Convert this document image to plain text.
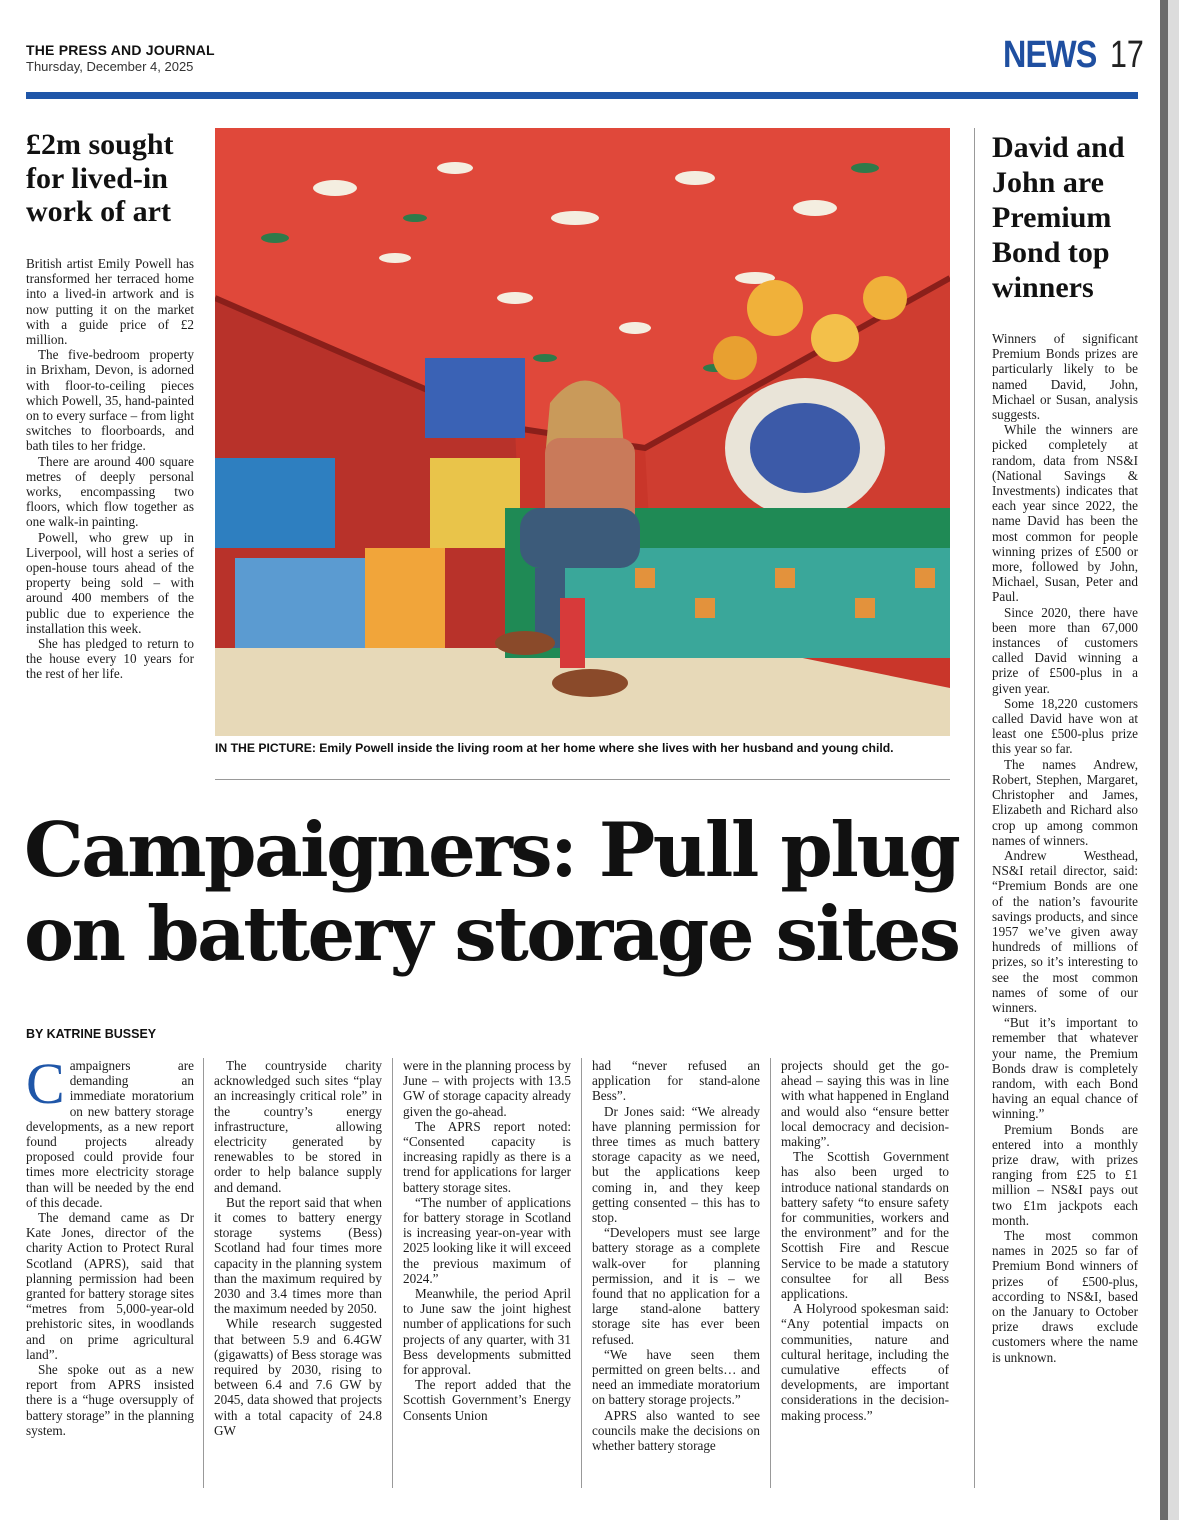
THE PRESS AND JOURNAL
Thursday, December 4, 2025	NEWS 17
£2m sought for lived-in work of art

British artist Emily Powell has transformed her terraced home into a lived-in artwork and is now putting it on the market with a guide price of £2 million.

The five-bedroom property in Brixham, Devon, is adorned with floor-to-ceiling pieces which Powell, 35, hand-painted on to every surface – from light switches to floorboards, and bath tiles to her fridge.

There are around 400 square metres of deeply personal works, encompassing two floors, which flow together as one walk-in painting.

Powell, who grew up in Liverpool, will host a series of open-house tours ahead of the property being sold – with around 400 members of the public due to experience the installation this week.

She has pledged to return to the house every 10 years for the rest of her life.

IN THE PICTURE: Emily Powell inside the living room at her home where she lives with her husband and young child.
David and John are Premium Bond top winners

Winners of significant Premium Bonds prizes are particularly likely to be named David, John, Michael or Susan, analysis suggests.

While the winners are picked completely at random, data from NS&I (National Savings & Investments) indicates that each year since 2022, the name David has been the most common for people winning prizes of £500 or more, followed by John, Michael, Susan, Peter and Paul.

Since 2020, there have been more than 67,000 instances of customers called David winning a prize of £500-plus in a given year.

Some 18,220 customers called David have won at least one £500-plus prize this year so far.

The names Andrew, Robert, Stephen, Margaret, Christopher and James, Elizabeth and Richard also crop up among common names of winners.

Andrew Westhead, NS&I retail director, said: “Premium Bonds are one of the nation’s favourite savings products, and since 1957 we’ve given away hundreds of millions of prizes, so it’s interesting to see the most common names of some of our winners.

“But it’s important to remember that whatever your name, the Premium Bonds draw is completely random, with each Bond having an equal chance of winning.”

Premium Bonds are entered into a monthly prize draw, with prizes ranging from £25 to £1 million – NS&I pays out two £1m jackpots each month.

The most common names in 2025 so far of Premium Bond winners of prizes of £500-plus, according to NS&I, based on the January to October prize draws exclude customers where the name is unknown.

Campaigners: Pull plug
on battery storage sites
BY KATRINE BUSSEY
C ampaigners are demanding an immediate moratorium on new battery storage developments, as a new report found projects already proposed could provide four times more electricity storage than will be needed by the end of this decade.

The demand came as Dr Kate Jones, director of the charity Action to Protect Rural Scotland (APRS), said that planning permission had been granted for battery storage sites “metres from 5,000-year-old prehistoric sites, in woodlands and on prime agricultural land”.

She spoke out as a new report from APRS insisted there is a “huge oversupply of battery storage” in the planning system.

The countryside charity acknowledged such sites “play an increasingly critical role” in the country’s energy infrastructure, allowing electricity generated by renewables to be stored in order to help balance supply and demand.

But the report said that when it comes to battery energy storage systems (Bess) Scotland had four times more capacity in the planning system than the maximum required by 2030 and 3.4 times more than the maximum needed by 2050.

While research suggested that between 5.9 and 6.4GW (gigawatts) of Bess storage was required by 2030, rising to between 6.4 and 7.6 GW by 2045, data showed that projects with a total capacity of 24.8 GW

were in the planning process by June – with projects with 13.5 GW of storage capacity already given the go-ahead.

The APRS report noted: “Consented capacity is increasing rapidly as there is a trend for applications for larger battery storage sites.

“The number of applications for battery storage in Scotland is increasing year-on-year with 2025 looking like it will exceed the previous maximum of 2024.”

Meanwhile, the period April to June saw the joint highest number of applications for such projects of any quarter, with 31 Bess developments submitted for approval.

The report added that the Scottish Government’s Energy Consents Union

had “never refused an application for stand-alone Bess”.

Dr Jones said: “We already have planning permission for three times as much battery storage capacity as we need, but the applications keep coming in, and they keep getting consented – this has to stop.

“Developers must see large battery storage as a complete walk-over for planning permission, and it is – we found that no application for a large stand-alone battery storage site has ever been refused.

“We have seen them permitted on green belts… and need an immediate moratorium on battery storage projects.”

APRS also wanted to see councils make the decisions on whether battery storage

projects should get the go-ahead – saying this was in line with what happened in England and would also “ensure better local democracy and decision-making”.

The Scottish Government has also been urged to introduce national standards on battery safety “to ensure safety for communities, workers and the environment” and for the Scottish Fire and Rescue Service to be made a statutory consultee for all Bess applications.

A Holyrood spokesman said: “Any potential impacts on communities, nature and cultural heritage, including the cumulative effects of developments, are important considerations in the decision-making process.”
